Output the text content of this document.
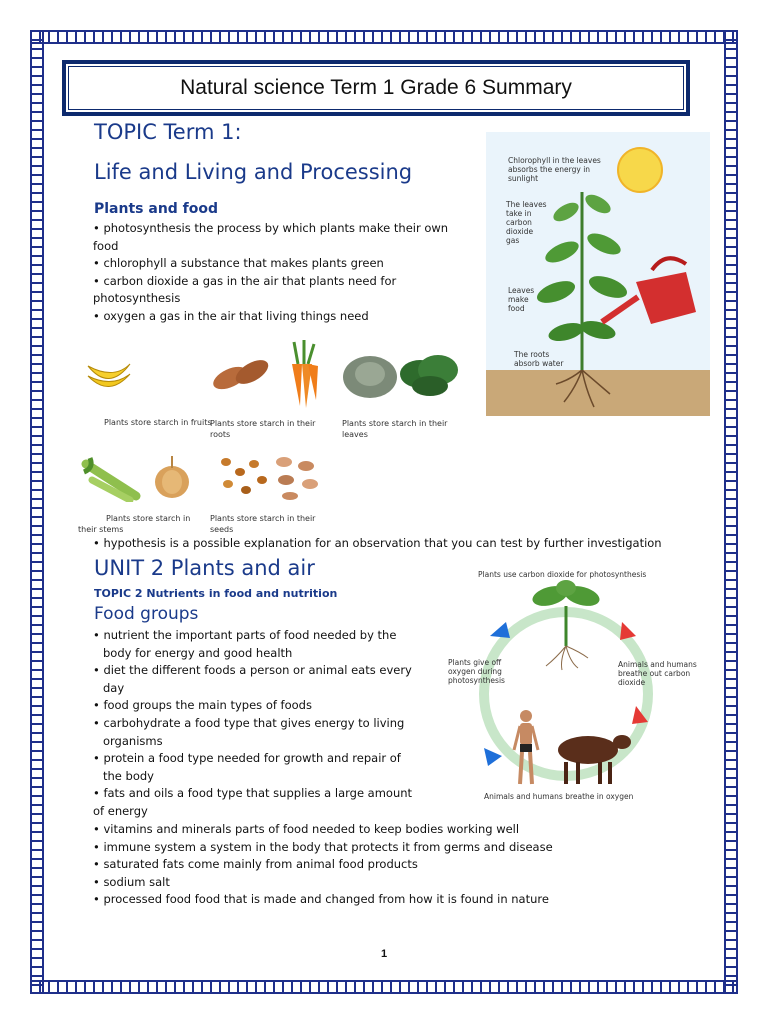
Natural science Term 1 Grade 6 Summary
TOPIC Term 1:
Life and Living and Processing
Plants and food
• photosynthesis the process by which plants make their own food
• chlorophyll a substance that makes plants green
• carbon dioxide a gas in the air that plants need for photosynthesis
• oxygen a gas in the air that living things need
Chlorophyll in the leaves absorbs the energy in sunlight
The leaves take in carbon dioxide gas
Leaves make food
The roots absorb water
Plants store starch in fruits
Plants store starch in their roots
Plants store starch in their leaves
Plants store starch in their stems
Plants store starch in their seeds
• hypothesis is a possible explanation for an observation that you can test by further investigation
UNIT 2 Plants and air
TOPIC 2 Nutrients in food and nutrition
Food groups
• nutrient the important parts of food needed by the body for energy and good health
• diet the different foods a person or animal eats every day
• food groups the main types of foods
• carbohydrate a food type that gives energy to living organisms
• protein a food type needed for growth and repair of the body
• fats and oils a food type that supplies a large amount of energy
• vitamins and minerals parts of food needed to keep bodies working well
• immune system a system in the body that protects it from germs and disease
• saturated fats come mainly from animal food products
• sodium salt
• processed food food that is made and changed from how it is found in nature
Plants use carbon dioxide for photosynthesis
Plants give off oxygen during photosynthesis
Animals and humans breathe out carbon dioxide
Animals and humans breathe in oxygen
1
